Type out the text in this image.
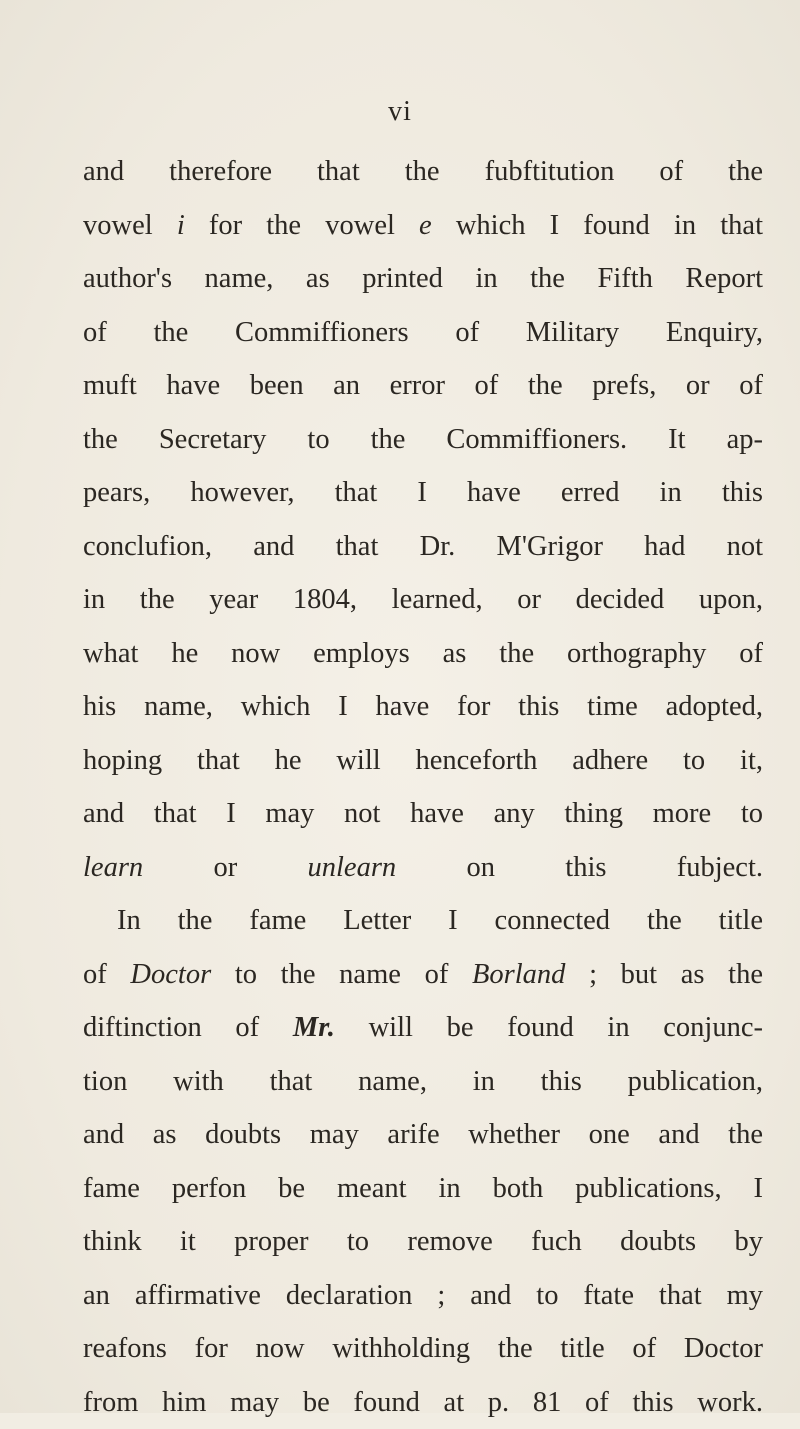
vi
and therefore that the fubftitution of the
vowel i for the vowel e which I found in that
author's name, as printed in the Fifth Report
of the Commiffioners of Military Enquiry,
muft have been an error of the prefs, or of
the Secretary to the Commiffioners. It ap-
pears, however, that I have erred in this
conclufion, and that Dr. M'Grigor had not
in the year 1804, learned, or decided upon,
what he now employs as the orthography of
his name, which I have for this time adopted,
hoping that he will henceforth adhere to it,
and that I may not have any thing more to
learn or unlearn on this fubject.
In the fame Letter I connected the title
of Doctor to the name of Borland ; but as the
diftinction of Mr. will be found in conjunc-
tion with that name, in this publication,
and as doubts may arife whether one and the
fame perfon be meant in both publications, I
think it proper to remove fuch doubts by
an affirmative declaration ; and to ftate that my
reafons for now withholding the title of Doctor
from him may be found at p. 81 of this work.
